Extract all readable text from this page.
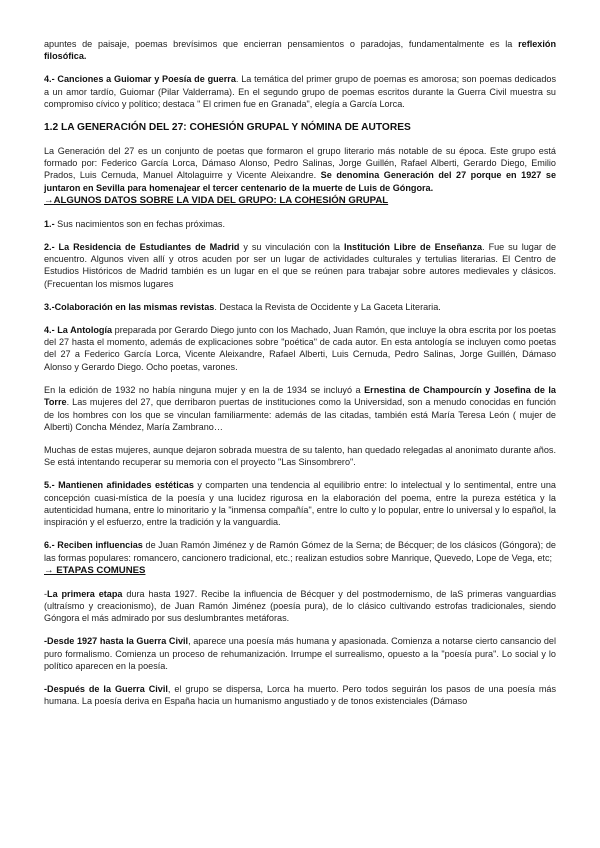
apuntes de paisaje, poemas brevísimos que encierran pensamientos o paradojas, fundamentalmente es la reflexión filosófica.

4.- Canciones a Guiomar y Poesía de guerra. La temática del primer grupo de poemas es amorosa; son poemas dedicados a un amor tardío, Guiomar (Pilar Valderrama). En el segundo grupo de poemas escritos durante la Guerra Civil muestra su compromiso cívico y político; destaca " El crimen fue en Granada", elegía a García Lorca.

1.2 LA GENERACIÓN DEL 27: COHESIÓN GRUPAL Y NÓMINA DE AUTORES

La Generación del 27 es un conjunto de poetas que formaron el grupo literario más notable de su época. Este grupo está formado por: Federico García Lorca, Dámaso Alonso, Pedro Salinas, Jorge Guillén, Rafael Alberti, Gerardo Diego, Emilio Prados, Luis Cernuda, Manuel Altolaguirre y Vicente Aleixandre. Se denomina Generación del 27 porque en 1927 se juntaron en Sevilla para homenajear el tercer centenario de la muerte de Luis de Góngora.

→ALGUNOS DATOS SOBRE LA VIDA DEL GRUPO: LA COHESIÓN GRUPAL

1.- Sus nacimientos son en fechas próximas.

2.- La Residencia de Estudiantes de Madrid y su vinculación con la Institución Libre de Enseñanza. Fue su lugar de encuentro. Algunos viven allí y otros acuden por ser un lugar de actividades culturales y tertulias literarias. El Centro de Estudios Históricos de Madrid también es un lugar en el que se reúnen para trabajar sobre autores medievales y clásicos. (Frecuentan los mismos lugares

3.-Colaboración en las mismas revistas. Destaca la Revista de Occidente y La Gaceta Literaria.

4.- La Antología preparada por Gerardo Diego junto con los Machado, Juan Ramón, que incluye la obra escrita por los poetas del 27 hasta el momento, además de explicaciones sobre "poética" de cada autor. En esta antología se incluyen como poetas del 27 a Federico García Lorca, Vicente Aleixandre, Rafael Alberti, Luis Cernuda, Pedro Salinas, Jorge Guillén, Dámaso Alonso y Gerardo Diego. Ocho poetas, varones.

En la edición de 1932 no había ninguna mujer y en la de 1934 se incluyó a Ernestina de Champourcín y Josefina de la Torre. Las mujeres del 27, que derribaron puertas de instituciones como la Universidad, son a menudo conocidas en función de los hombres con los que se vinculan familiarmente: además de las citadas, también está María Teresa León ( mujer de Alberti) Concha Méndez, María Zambrano…

Muchas de estas mujeres, aunque dejaron sobrada muestra de su talento, han quedado relegadas al anonimato durante años. Se está intentando recuperar su memoria con el proyecto "Las Sinsombrero".

5.- Mantienen afinidades estéticas y comparten una tendencia al equilibrio entre: lo intelectual y lo sentimental, entre una concepción cuasi-mística de la poesía y una lucidez rigurosa en la elaboración del poema, entre la pureza estética y la autenticidad humana, entre lo minoritario y la "inmensa compañía", entre lo culto y lo popular, entre lo universal y lo español, la inspiración y el esfuerzo, entre la tradición y la vanguardia.

6.- Reciben influencias de Juan Ramón Jiménez y de Ramón Gómez de la Serna; de Bécquer; de los clásicos (Góngora); de las formas populares: romancero, cancionero tradicional, etc.; realizan estudios sobre Manrique, Quevedo, Lope de Vega, etc;

→ ETAPAS COMUNES

-La primera etapa dura hasta 1927. Recibe la influencia de Bécquer y del postmodernismo, de laS primeras vanguardias (ultraísmo y creacionismo), de Juan Ramón Jiménez (poesía pura), de lo clásico cultivando estrofas tradicionales, siendo Góngora el más admirado por sus deslumbrantes metáforas.

-Desde 1927 hasta la Guerra Civil, aparece una poesía más humana y apasionada. Comienza a notarse cierto cansancio del puro formalismo. Comienza un proceso de rehumanización. Irrumpe el surrealismo, opuesto a la "poesía pura". Lo social y lo político aparecen en la poesía.

-Después de la Guerra Civil, el grupo se dispersa, Lorca ha muerto. Pero todos seguirán los pasos de una poesía más humana. La poesía deriva en España hacia un humanismo angustiado y de tonos existenciales (Dámaso
